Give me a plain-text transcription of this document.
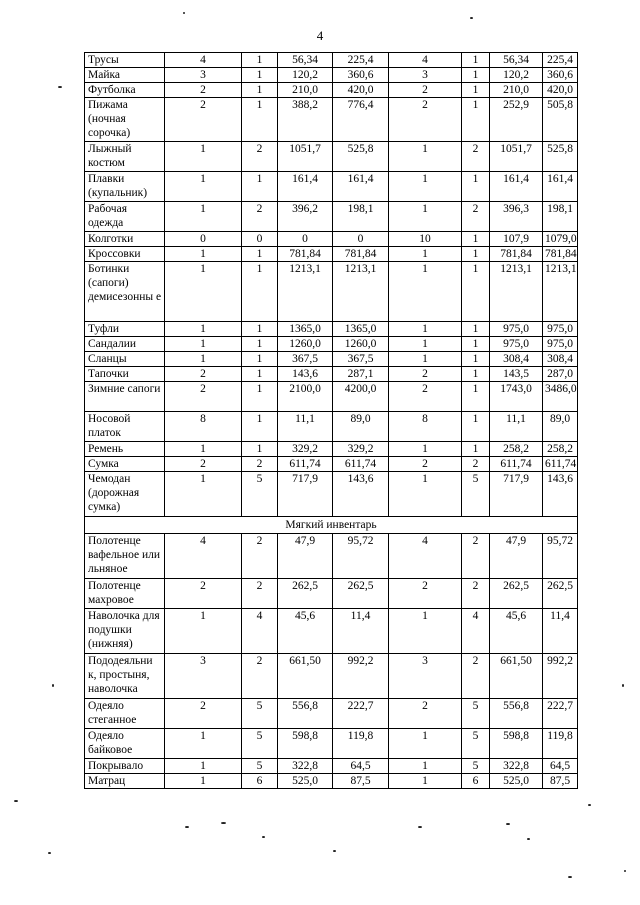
4
Трусы	4	1	56,34	225,4	4	1	56,34	225,4
Майка	3	1	120,2	360,6	3	1	120,2	360,6
Футболка	2	1	210,0	420,0	2	1	210,0	420,0
Пижама (ночная сорочка)	2	1	388,2	776,4	2	1	252,9	505,8
Лыжный костюм	1	2	1051,7	525,8	1	2	1051,7	525,8
Плавки (купальник)	1	1	161,4	161,4	1	1	161,4	161,4
Рабочая одежда	1	2	396,2	198,1	1	2	396,3	198,1
Колготки	0	0	0	0	10	1	107,9	1079,0
Кроссовки	1	1	781,84	781,84	1	1	781,84	781,84
Ботинки (сапоги) демисезонны е	1	1	1213,1	1213,1	1	1	1213,1	1213,1
Туфли	1	1	1365,0	1365,0	1	1	975,0	975,0
Сандалии	1	1	1260,0	1260,0	1	1	975,0	975,0
Сланцы	1	1	367,5	367,5	1	1	308,4	308,4
Тапочки	2	1	143,6	287,1	2	1	143,5	287,0
Зимние сапоги	2	1	2100,0	4200,0	2	1	1743,0	3486,0
Носовой платок	8	1	11,1	89,0	8	1	11,1	89,0
Ремень	1	1	329,2	329,2	1	1	258,2	258,2
Сумка	2	2	611,74	611,74	2	2	611,74	611,74
Чемодан (дорожная сумка)	1	5	717,9	143,6	1	5	717,9	143,6
Мягкий инвентарь								
Полотенце вафельное или льняное	4	2	47,9	95,72	4	2	47,9	95,72
Полотенце махровое	2	2	262,5	262,5	2	2	262,5	262,5
Наволочка для подушки (нижняя)	1	4	45,6	11,4	1	4	45,6	11,4
Пододеяльни к, простыня, наволочка	3	2	661,50	992,2	3	2	661,50	992,2
Одеяло стеганное	2	5	556,8	222,7	2	5	556,8	222,7
Одеяло байковое	1	5	598,8	119,8	1	5	598,8	119,8
Покрывало	1	5	322,8	64,5	1	5	322,8	64,5
Матрац	1	6	525,0	87,5	1	6	525,0	87,5
